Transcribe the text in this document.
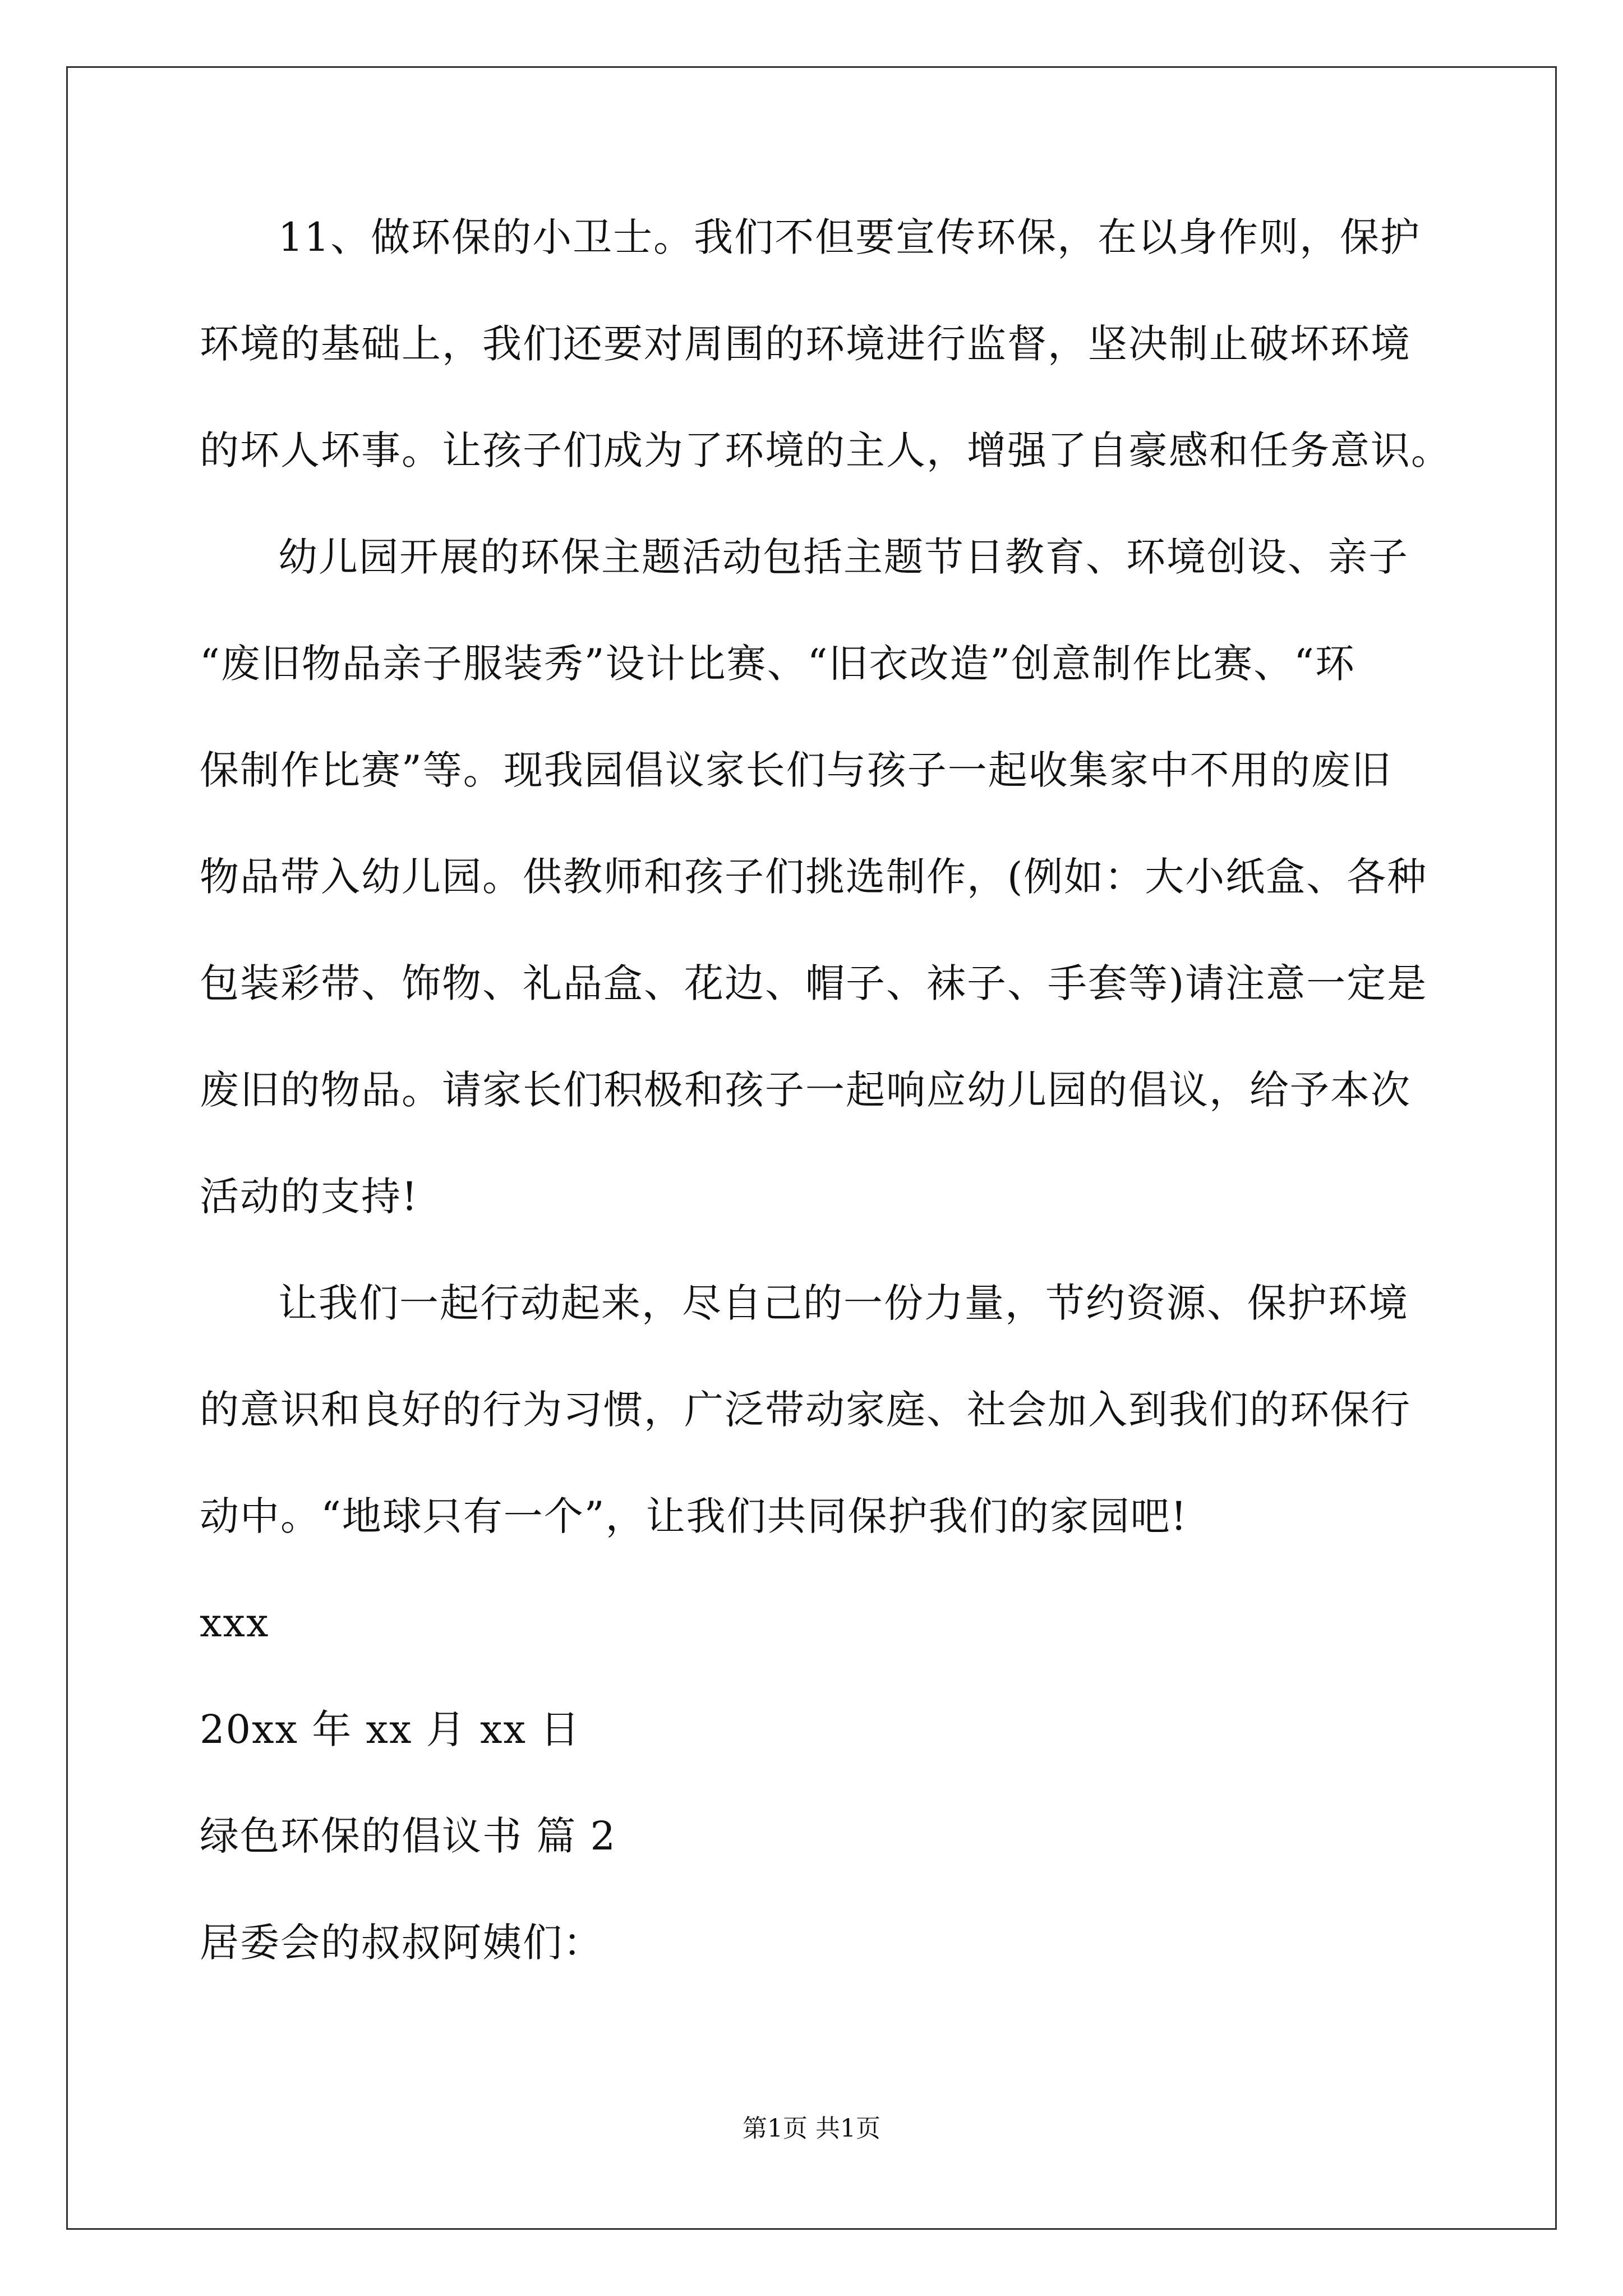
11、做环保的小卫士。我们不但要宣传环保，在以身作则，保护
环境的基础上，我们还要对周围的环境进行监督，坚决制止破坏环境
的坏人坏事。让孩子们成为了环境的主人，增强了自豪感和任务意识。
幼儿园开展的环保主题活动包括主题节日教育、环境创设、亲子
“废旧物品亲子服装秀”设计比赛、“旧衣改造”创意制作比赛、“环
保制作比赛”等。现我园倡议家长们与孩子一起收集家中不用的废旧
物品带入幼儿园。供教师和孩子们挑选制作，(例如：大小纸盒、各种
包装彩带、饰物、礼品盒、花边、帽子、袜子、手套等)请注意一定是
废旧的物品。请家长们积极和孩子一起响应幼儿园的倡议，给予本次
活动的支持!
让我们一起行动起来，尽自己的一份力量，节约资源、保护环境
的意识和良好的行为习惯，广泛带动家庭、社会加入到我们的环保行
动中。“地球只有一个”，让我们共同保护我们的家园吧!
xxx
20xx 年 xx 月 xx 日
绿色环保的倡议书 篇 2
居委会的叔叔阿姨们：
第1页 共1页
